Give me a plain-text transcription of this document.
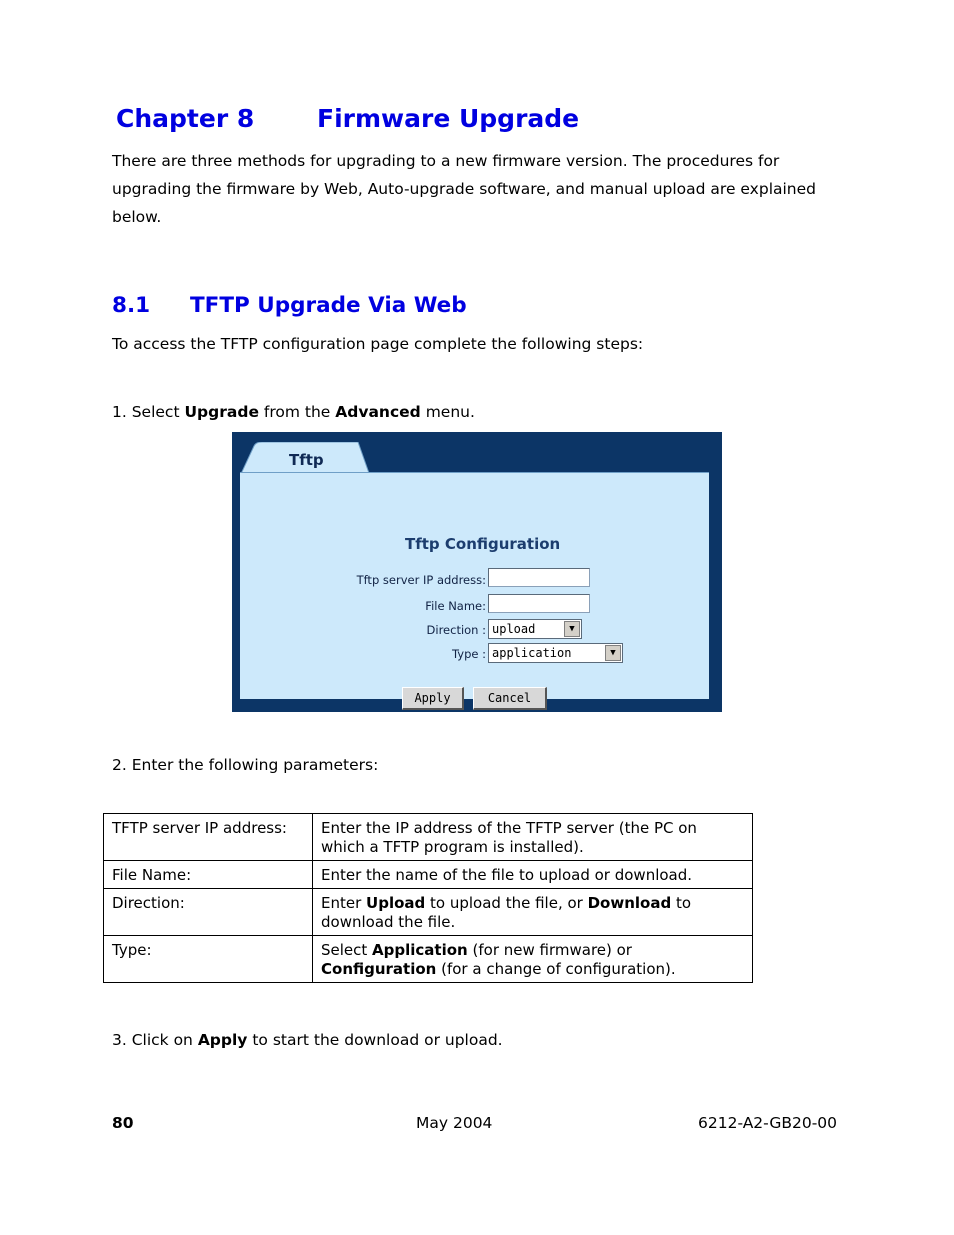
Chapter 8	Firmware Upgrade
There are three methods for upgrading to a new firmware version. The procedures for upgrading the firmware by Web, Auto-upgrade software, and manual upload are explained below.
8.1 TFTP Upgrade Via Web
To access the TFTP configuration page complete the following steps:
1. Select Upgrade from the Advanced menu.
Tftp
Tftp Configuration
Tftp server IP address:
File Name:
Direction : upload	▼
Type : application	▼
Apply	Cancel
2. Enter the following parameters:
TFTP server IP address:	Enter the IP address of the TFTP server (the PC on which a TFTP program is installed).
File Name:	Enter the name of the file to upload or download.
Direction:	Enter Upload to upload the file, or Download to download the file.
Type:	Select Application (for new firmware) or Configuration (for a change of configuration).
3. Click on Apply to start the download or upload.
80	May 2004	6212-A2-GB20-00
